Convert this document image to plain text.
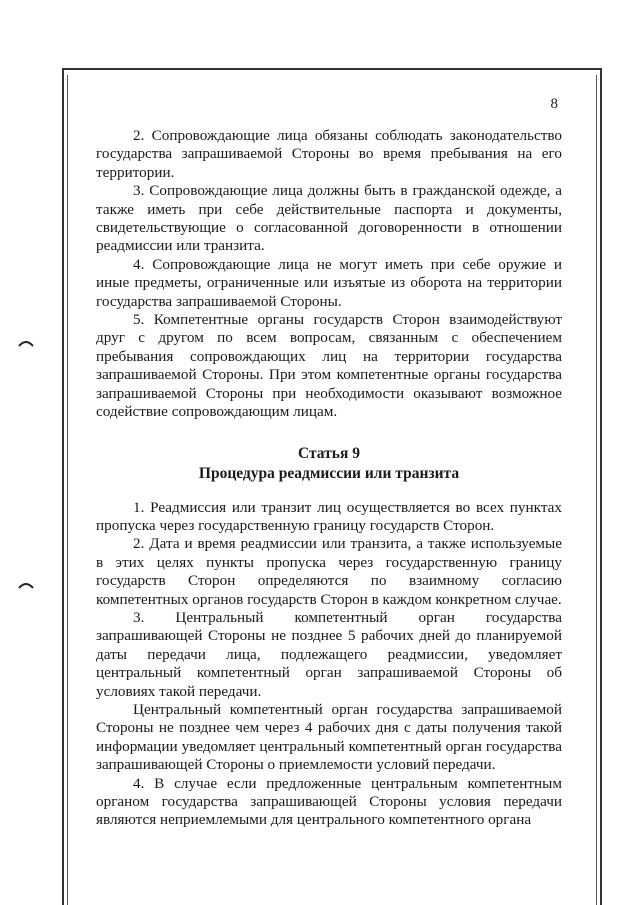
8

2. Сопровождающие лица обязаны соблюдать законодательство государства запрашиваемой Стороны во время пребывания на его территории.

3. Сопровождающие лица должны быть в гражданской одежде, а также иметь при себе действительные паспорта и документы, свидетельствующие о согласованной договоренности в отношении реадмиссии или транзита.

4. Сопровождающие лица не могут иметь при себе оружие и иные предметы, ограниченные или изъятые из оборота на территории государства запрашиваемой Стороны.

5. Компетентные органы государств Сторон взаимодействуют друг с другом по всем вопросам, связанным с обеспечением пребывания сопровождающих лиц на территории государства запрашиваемой Стороны. При этом компетентные органы государства запрашиваемой Стороны при необходимости оказывают возможное содействие сопровождающим лицам.

Статья 9

Процедура реадмиссии или транзита

1. Реадмиссия или транзит лиц осуществляется во всех пунктах пропуска через государственную границу государств Сторон.

2. Дата и время реадмиссии или транзита, а также используемые в этих целях пункты пропуска через государственную границу государств Сторон определяются по взаимному согласию компетентных органов государств Сторон в каждом конкретном случае.

3. Центральный компетентный орган государства запрашивающей Стороны не позднее 5 рабочих дней до планируемой даты передачи лица, подлежащего реадмиссии, уведомляет центральный компетентный орган запрашиваемой Стороны об условиях такой передачи.

Центральный компетентный орган государства запрашиваемой Стороны не позднее чем через 4 рабочих дня с даты получения такой информации уведомляет центральный компетентный орган государства запрашивающей Стороны о приемлемости условий передачи.

4. В случае если предложенные центральным компетентным органом государства запрашивающей Стороны условия передачи являются неприемлемыми для центрального компетентного органа
